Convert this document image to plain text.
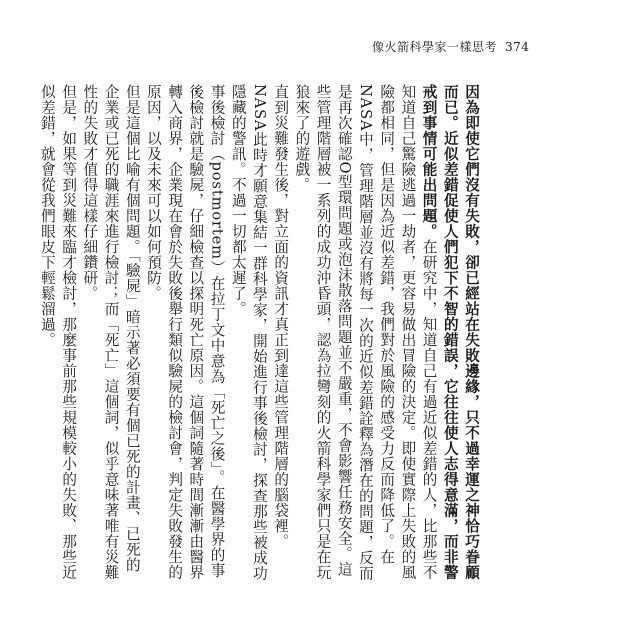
像火箭科學家一樣思考 374

因為即使它們沒有失敗，卻已經站在失敗邊緣，只不過幸運之神恰巧眷顧而已。近似差錯促使人們犯下不智的錯誤，它往往使人志得意滿，而非警戒到事情可能出問題。在研究中，知道自己有過近似差錯的人，比那些不知道自己驚險逃過一劫者，更容易做出冒險的決定。即使實際上失敗的風險都相同，但是因為近似差錯，我們對於風險的感受力反而降低了。在NASA中，管理階層並沒有將每一次的近似差錯詮釋為潛在的問題，反而是再次確認O型環問題或泡沫散落問題並不嚴重，不會影響任務安全。這些管理階層被一系列的成功沖昏頭，認為拉彎刻的火箭科學家們只是在玩狼來了的遊戲。

直到災難發生後，對立面的資訊才真正到達這些管理階層的腦袋裡。NASA此時才願意集結一群科學家，開始進行事後檢討，探查那些被成功隱藏的警訊。不過一切都太遲了。

事後檢討（postmortem）在拉丁文中意為「死亡之後」。在醫學界的事後檢討就是驗屍，仔細檢查以探明死亡原因。這個詞隨著時間漸漸由醫界轉入商界，企業現在會於失敗後舉行類似驗屍的檢討會，判定失敗發生的原因，以及未來可以如何預防。

但是這個比喻有個問題。「驗屍」暗示著必須要有個已死的計畫、已死的企業或已死的職涯來進行檢討；而「死亡」這個詞，似乎意味著唯有災難性的失敗才值得這樣仔細鑽研。

但是，如果等到災難來臨才檢討，那麼事前那些規模較小的失敗、那些近似差錯，就會從我們眼皮下輕鬆溜過。
